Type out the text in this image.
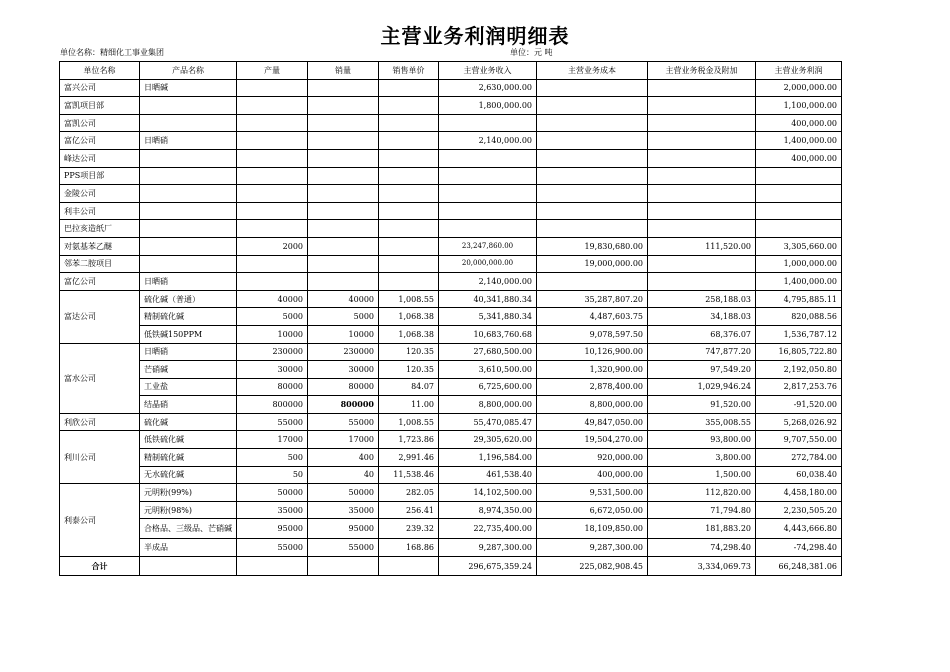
主营业务利润明细表
单位名称：精细化工事业集团	单位：元 吨
单位名称	产品名称	产量	销量	销售单价	主营业务收入	主营业务成本	主营业务税金及附加	主营业务利润
富兴公司	日晒碱				2,630,000.00			2,000,000.00
富凯项目部					1,800,000.00			1,100,000.00
富凯公司								400,000.00
富亿公司	日晒硝				2,140,000.00			1,400,000.00
峰达公司								400,000.00
PPS项目部								
金陵公司								
利丰公司								
巴拉亥造纸厂								
对氨基苯乙醚		2000			23,247,860.00	19,830,680.00	111,520.00	3,305,660.00
邻苯二胺项目					20,000,000.00	19,000,000.00		1,000,000.00
富亿公司	日晒硝				2,140,000.00			1,400,000.00
富达公司	硫化碱（普通）	40000	40000	1,008.55	40,341,880.34	35,287,807.20	258,188.03	4,795,885.11
	精制硫化碱	5000	5000	1,068.38	5,341,880.34	4,487,603.75	34,188.03	820,088.56
	低铁碱150PPM	10000	10000	1,068.38	10,683,760.68	9,078,597.50	68,376.07	1,536,787.12
富水公司	日晒硝	230000	230000	120.35	27,680,500.00	10,126,900.00	747,877.20	16,805,722.80
	芒硝碱	30000	30000	120.35	3,610,500.00	1,320,900.00	97,549.20	2,192,050.80
	工业盐	80000	80000	84.07	6,725,600.00	2,878,400.00	1,029,946.24	2,817,253.76
	结晶硝	800000	800000	11.00	8,800,000.00	8,800,000.00	91,520.00	-91,520.00
利欣公司	硫化碱	55000	55000	1,008.55	55,470,085.47	49,847,050.00	355,008.55	5,268,026.92
利川公司	低铁硫化碱	17000	17000	1,723.86	29,305,620.00	19,504,270.00	93,800.00	9,707,550.00
	精制硫化碱	500	400	2,991.46	1,196,584.00	920,000.00	3,800.00	272,784.00
	无水硫化碱	50	40	11,538.46	461,538.40	400,000.00	1,500.00	60,038.40
利泰公司	元明粉(99%)	50000	50000	282.05	14,102,500.00	9,531,500.00	112,820.00	4,458,180.00
	元明粉(98%)	35000	35000	256.41	8,974,350.00	6,672,050.00	71,794.80	2,230,505.20
	合格品、三级品、芒硝碱	95000	95000	239.32	22,735,400.00	18,109,850.00	181,883.20	4,443,666.80
	半成品	55000	55000	168.86	9,287,300.00	9,287,300.00	74,298.40	-74,298.40
合计					296,675,359.24	225,082,908.45	3,334,069.73	66,248,381.06
